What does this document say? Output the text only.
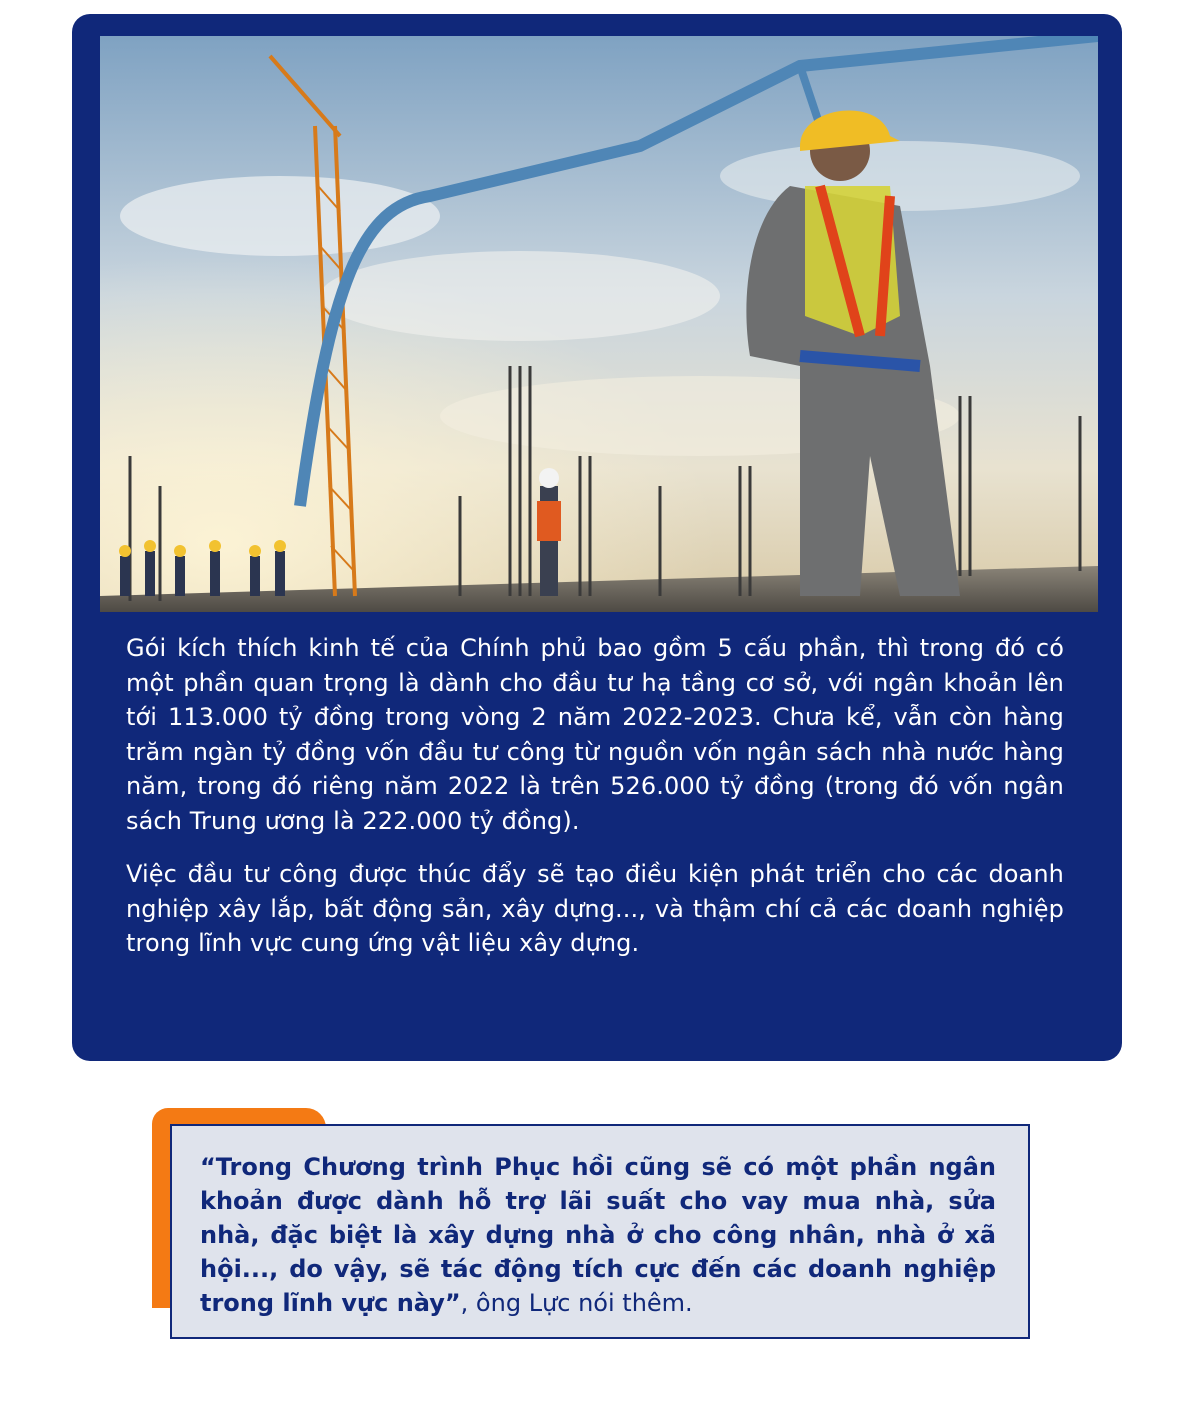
Gói kích thích kinh tế của Chính phủ bao gồm 5 cấu phần, thì trong đó có một phần quan trọng là dành cho đầu tư hạ tầng cơ sở, với ngân khoản lên tới 113.000 tỷ đồng trong vòng 2 năm 2022-2023. Chưa kể, vẫn còn hàng trăm ngàn tỷ đồng vốn đầu tư công từ nguồn vốn ngân sách nhà nước hàng năm, trong đó riêng năm 2022 là trên 526.000 tỷ đồng (trong đó vốn ngân sách Trung ương là 222.000 tỷ đồng).

Việc đầu tư công được thúc đẩy sẽ tạo điều kiện phát triển cho các doanh nghiệp xây lắp, bất động sản, xây dựng..., và thậm chí cả các doanh nghiệp trong lĩnh vực cung ứng vật liệu xây dựng.

“Trong Chương trình Phục hồi cũng sẽ có một phần ngân khoản được dành hỗ trợ lãi suất cho vay mua nhà, sửa nhà, đặc biệt là xây dựng nhà ở cho công nhân, nhà ở xã hội..., do vậy, sẽ tác động tích cực đến các doanh nghiệp trong lĩnh vực này”, ông Lực nói thêm.
